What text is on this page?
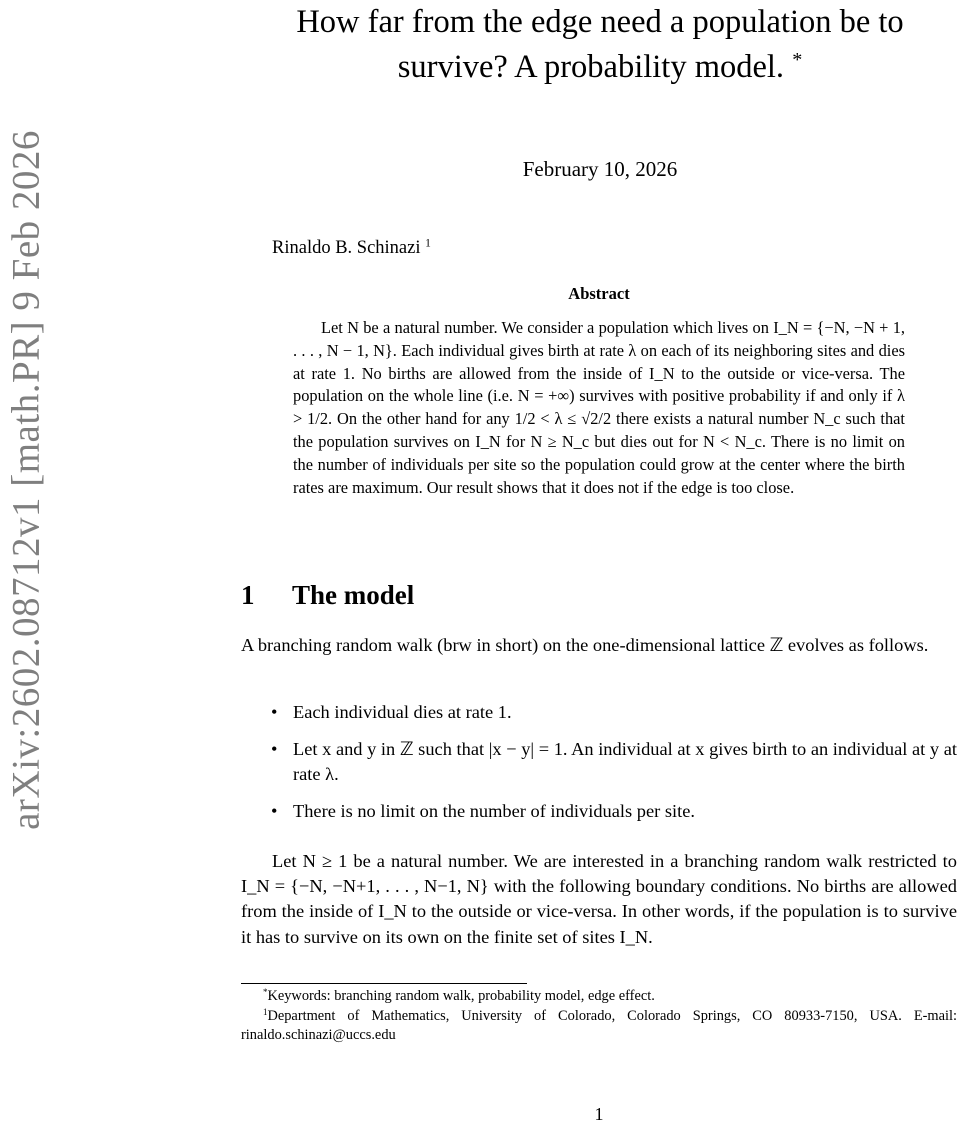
arXiv:2602.08712v1 [math.PR] 9 Feb 2026
How far from the edge need a population be to
survive? A probability model. *
February 10, 2026
Rinaldo B. Schinazi $^1$
Abstract

Let N be a natural number. We consider a population which lives on I_N = {−N, −N + 1, . . . , N − 1, N}. Each individual gives birth at rate λ on each of its neighboring sites and dies at rate 1. No births are allowed from the inside of I_N to the outside or vice-versa. The population on the whole line (i.e. N = +∞) survives with positive probability if and only if λ > 1/2. On the other hand for any 1/2 < λ ≤ √2/2 there exists a natural number N_c such that the population survives on I_N for N ≥ N_c but dies out for N < N_c. There is no limit on the number of individuals per site so the population could grow at the center where the birth rates are maximum. Our result shows that it does not if the edge is too close.

1 The model

A branching random walk (brw in short) on the one-dimensional lattice ℤ evolves as follows.

• Each individual dies at rate 1.
• Let x and y in ℤ such that |x − y| = 1. An individual at x gives birth to an individual at y at rate λ.
• There is no limit on the number of individuals per site.

Let N ≥ 1 be a natural number. We are interested in a branching random walk restricted to I_N = {−N, −N+1, . . . , N−1, N} with the following boundary conditions. No births are allowed from the inside of I_N to the outside or vice-versa. In other words, if the population is to survive it has to survive on its own on the finite set of sites I_N.

*Keywords: branching random walk, probability model, edge effect.

$^1$Department of Mathematics, University of Colorado, Colorado Springs, CO 80933-7150, USA. E-mail: rinaldo.schinazi@uccs.edu

1
